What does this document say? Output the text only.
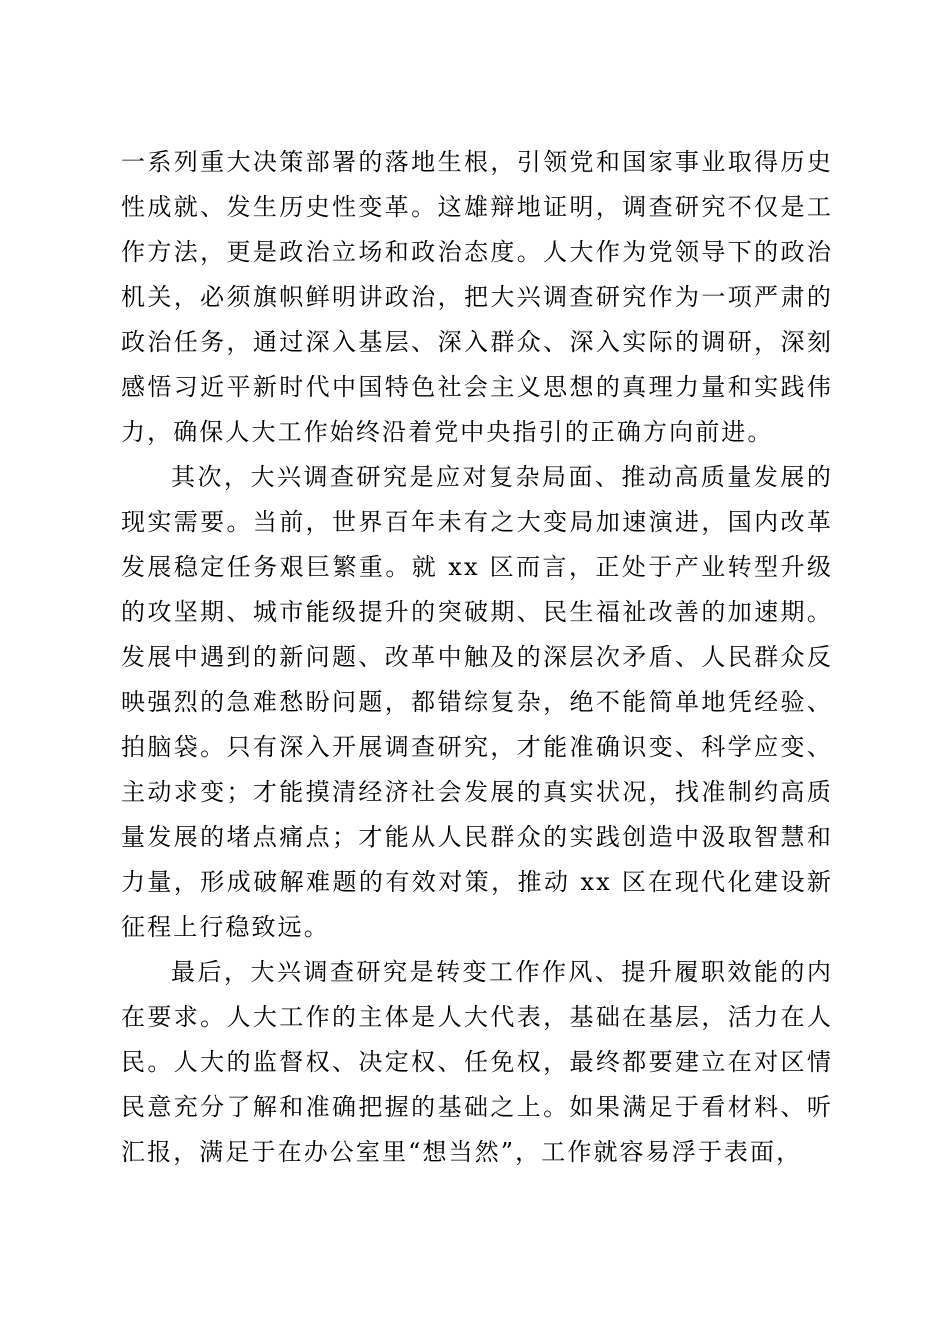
一系列重大决策部署的落地生根，引领党和国家事业取得历史性成就、发生历史性变革。这雄辩地证明，调查研究不仅是工作方法，更是政治立场和政治态度。人大作为党领导下的政治机关，必须旗帜鲜明讲政治，把大兴调查研究作为一项严肃的政治任务，通过深入基层、深入群众、深入实际的调研，深刻感悟习近平新时代中国特色社会主义思想的真理力量和实践伟力，确保人大工作始终沿着党中央指引的正确方向前进。

其次，大兴调查研究是应对复杂局面、推动高质量发展的现实需要。当前，世界百年未有之大变局加速演进，国内改革发展稳定任务艰巨繁重。就 xx 区而言，正处于产业转型升级的攻坚期、城市能级提升的突破期、民生福祉改善的加速期。发展中遇到的新问题、改革中触及的深层次矛盾、人民群众反映强烈的急难愁盼问题，都错综复杂，绝不能简单地凭经验、拍脑袋。只有深入开展调查研究，才能准确识变、科学应变、主动求变；才能摸清经济社会发展的真实状况，找准制约高质量发展的堵点痛点；才能从人民群众的实践创造中汲取智慧和力量，形成破解难题的有效对策，推动 xx 区在现代化建设新征程上行稳致远。

最后，大兴调查研究是转变工作作风、提升履职效能的内在要求。人大工作的主体是人大代表，基础在基层，活力在人民。人大的监督权、决定权、任免权，最终都要建立在对区情民意充分了解和准确把握的基础之上。如果满足于看材料、听汇报，满足于在办公室里“想当然”，工作就容易浮于表面，
